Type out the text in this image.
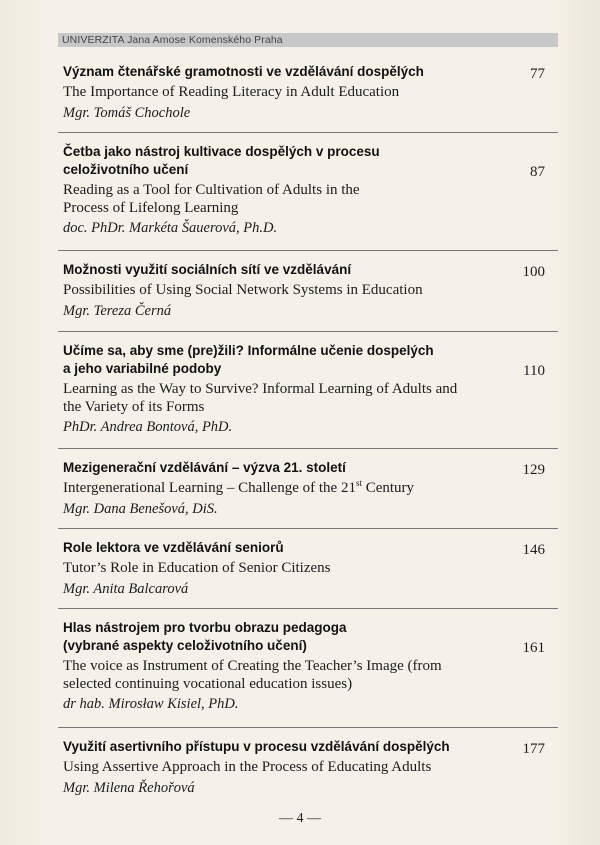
UNIVERZITA Jana Amose Komenského Praha
Význam čtenářské gramotnosti ve vzdělávání dospělých
The Importance of Reading Literacy in Adult Education
Mgr. Tomáš Chochole
77
Četba jako nástroj kultivace dospělých v procesu celoživotního učení
Reading as a Tool for Cultivation of Adults in the Process of Lifelong Learning
doc. PhDr. Markéta Šauerová, Ph.D.
87
Možnosti využití sociálních sítí ve vzdělávání
Possibilities of Using Social Network Systems in Education
Mgr. Tereza Černá
100
Učíme sa, aby sme (pre)žili? Informálne učenie dospelých a jeho variabilné podoby
Learning as the Way to Survive? Informal Learning of Adults and the Variety of its Forms
PhDr. Andrea Bontová, PhD.
110
Mezigenerační vzdělávání – výzva 21. století
Intergenerational Learning – Challenge of the 21st Century
Mgr. Dana Benešová, DiS.
129
Role lektora ve vzdělávání seniorů
Tutor’s Role in Education of Senior Citizens
Mgr. Anita Balcarová
146
Hlas nástrojem pro tvorbu obrazu pedagoga (vybrané aspekty celoživotního učení)
The voice as Instrument of Creating the Teacher’s Image (from selected continuing vocational education issues)
dr hab. Mirosław Kisiel, PhD.
161
Využití asertivního přístupu v procesu vzdělávání dospělých
Using Assertive Approach in the Process of Educating Adults
Mgr. Milena Řehořová
177
— 4 —
